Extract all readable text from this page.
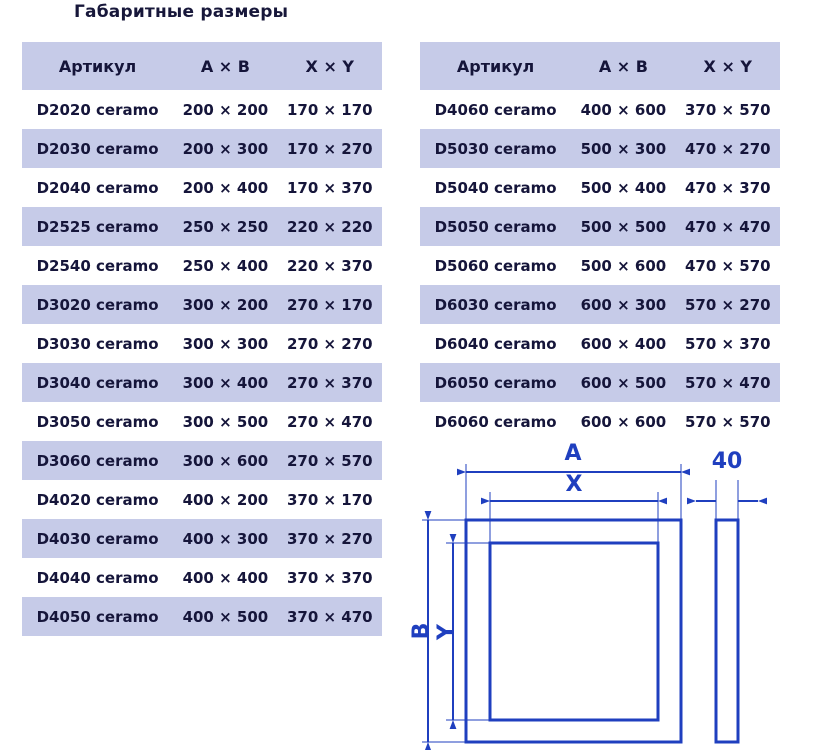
Габаритные размеры
Артикул	A × B	X × Y
D2020 ceramo	200 × 200	170 × 170
D2030 ceramo	200 × 300	170 × 270
D2040 ceramo	200 × 400	170 × 370
D2525 ceramo	250 × 250	220 × 220
D2540 ceramo	250 × 400	220 × 370
D3020 ceramo	300 × 200	270 × 170
D3030 ceramo	300 × 300	270 × 270
D3040 ceramo	300 × 400	270 × 370
D3050 ceramo	300 × 500	270 × 470
D3060 ceramo	300 × 600	270 × 570
D4020 ceramo	400 × 200	370 × 170
D4030 ceramo	400 × 300	370 × 270
D4040 ceramo	400 × 400	370 × 370
D4050 ceramo	400 × 500	370 × 470
Артикул	A × B	X × Y
D4060 ceramo	400 × 600	370 × 570
D5030 ceramo	500 × 300	470 × 270
D5040 ceramo	500 × 400	470 × 370
D5050 ceramo	500 × 500	470 × 470
D5060 ceramo	500 × 600	470 × 570
D6030 ceramo	600 × 300	570 × 270
D6040 ceramo	600 × 400	570 × 370
D6050 ceramo	600 × 500	570 × 470
D6060 ceramo	600 × 600	570 × 570
A
X
B Y
40
